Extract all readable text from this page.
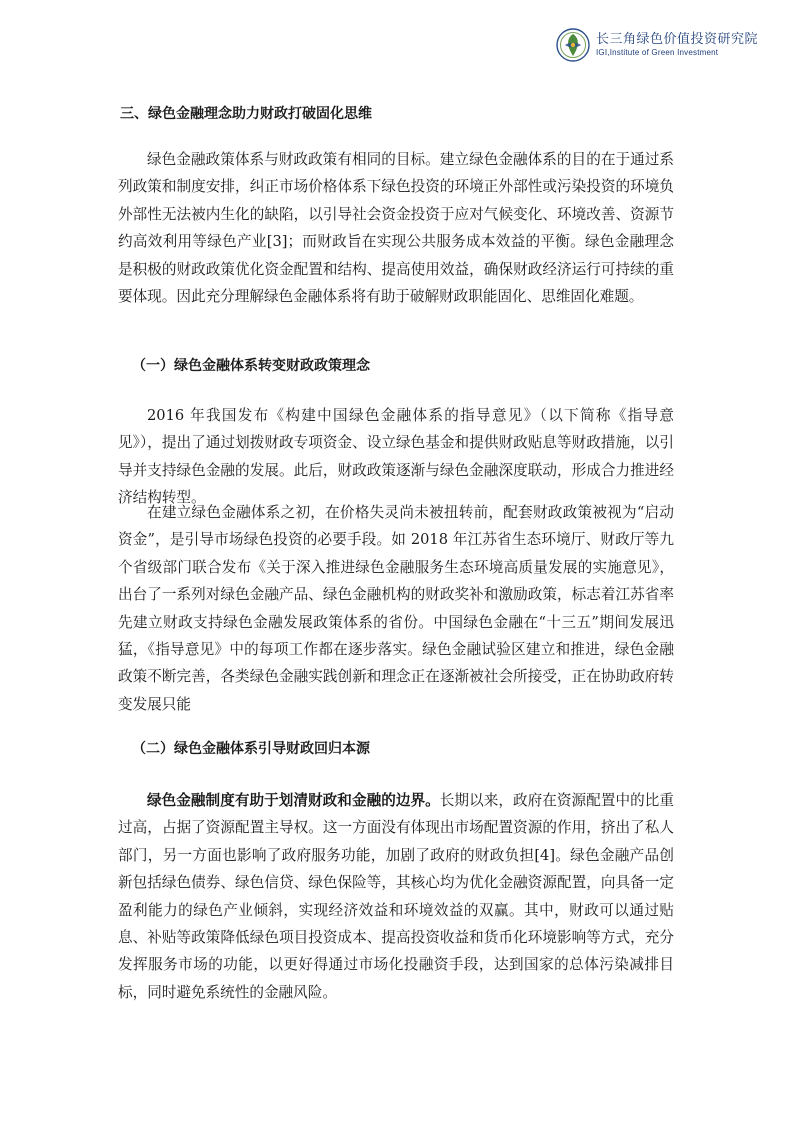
长三角绿色价值投资研究院
IGI,Institute of Green Investment
三、绿色金融理念助力财政打破固化思维

绿色金融政策体系与财政政策有相同的目标。建立绿色金融体系的目的在于通过系列政策和制度安排，纠正市场价格体系下绿色投资的环境正外部性或污染投资的环境负外部性无法被内生化的缺陷，以引导社会资金投资于应对气候变化、环境改善、资源节约高效利用等绿色产业[3]；而财政旨在实现公共服务成本效益的平衡。绿色金融理念是积极的财政政策优化资金配置和结构、提高使用效益，确保财政经济运行可持续的重要体现。因此充分理解绿色金融体系将有助于破解财政职能固化、思维固化难题。

（一）绿色金融体系转变财政政策理念

2016 年我国发布《构建中国绿色金融体系的指导意见》（以下简称《指导意见》），提出了通过划拨财政专项资金、设立绿色基金和提供财政贴息等财政措施，以引导并支持绿色金融的发展。此后，财政政策逐渐与绿色金融深度联动，形成合力推进经济结构转型。

在建立绿色金融体系之初，在价格失灵尚未被扭转前，配套财政政策被视为“启动资金”，是引导市场绿色投资的必要手段。如 2018 年江苏省生态环境厅、财政厅等九个省级部门联合发布《关于深入推进绿色金融服务生态环境高质量发展的实施意见》，出台了一系列对绿色金融产品、绿色金融机构的财政奖补和激励政策，标志着江苏省率先建立财政支持绿色金融发展政策体系的省份。中国绿色金融在“十三五”期间发展迅猛，《指导意见》中的每项工作都在逐步落实。绿色金融试验区建立和推进，绿色金融政策不断完善，各类绿色金融实践创新和理念正在逐渐被社会所接受，正在协助政府转变发展只能

（二）绿色金融体系引导财政回归本源

绿色金融制度有助于划清财政和金融的边界。长期以来，政府在资源配置中的比重过高，占据了资源配置主导权。这一方面没有体现出市场配置资源的作用，挤出了私人部门，另一方面也影响了政府服务功能，加剧了政府的财政负担[4]。绿色金融产品创新包括绿色债券、绿色信贷、绿色保险等，其核心均为优化金融资源配置，向具备一定盈利能力的绿色产业倾斜，实现经济效益和环境效益的双赢。其中，财政可以通过贴息、补贴等政策降低绿色项目投资成本、提高投资收益和货币化环境影响等方式，充分发挥服务市场的功能，以更好得通过市场化投融资手段，达到国家的总体污染减排目标，同时避免系统性的金融风险。
